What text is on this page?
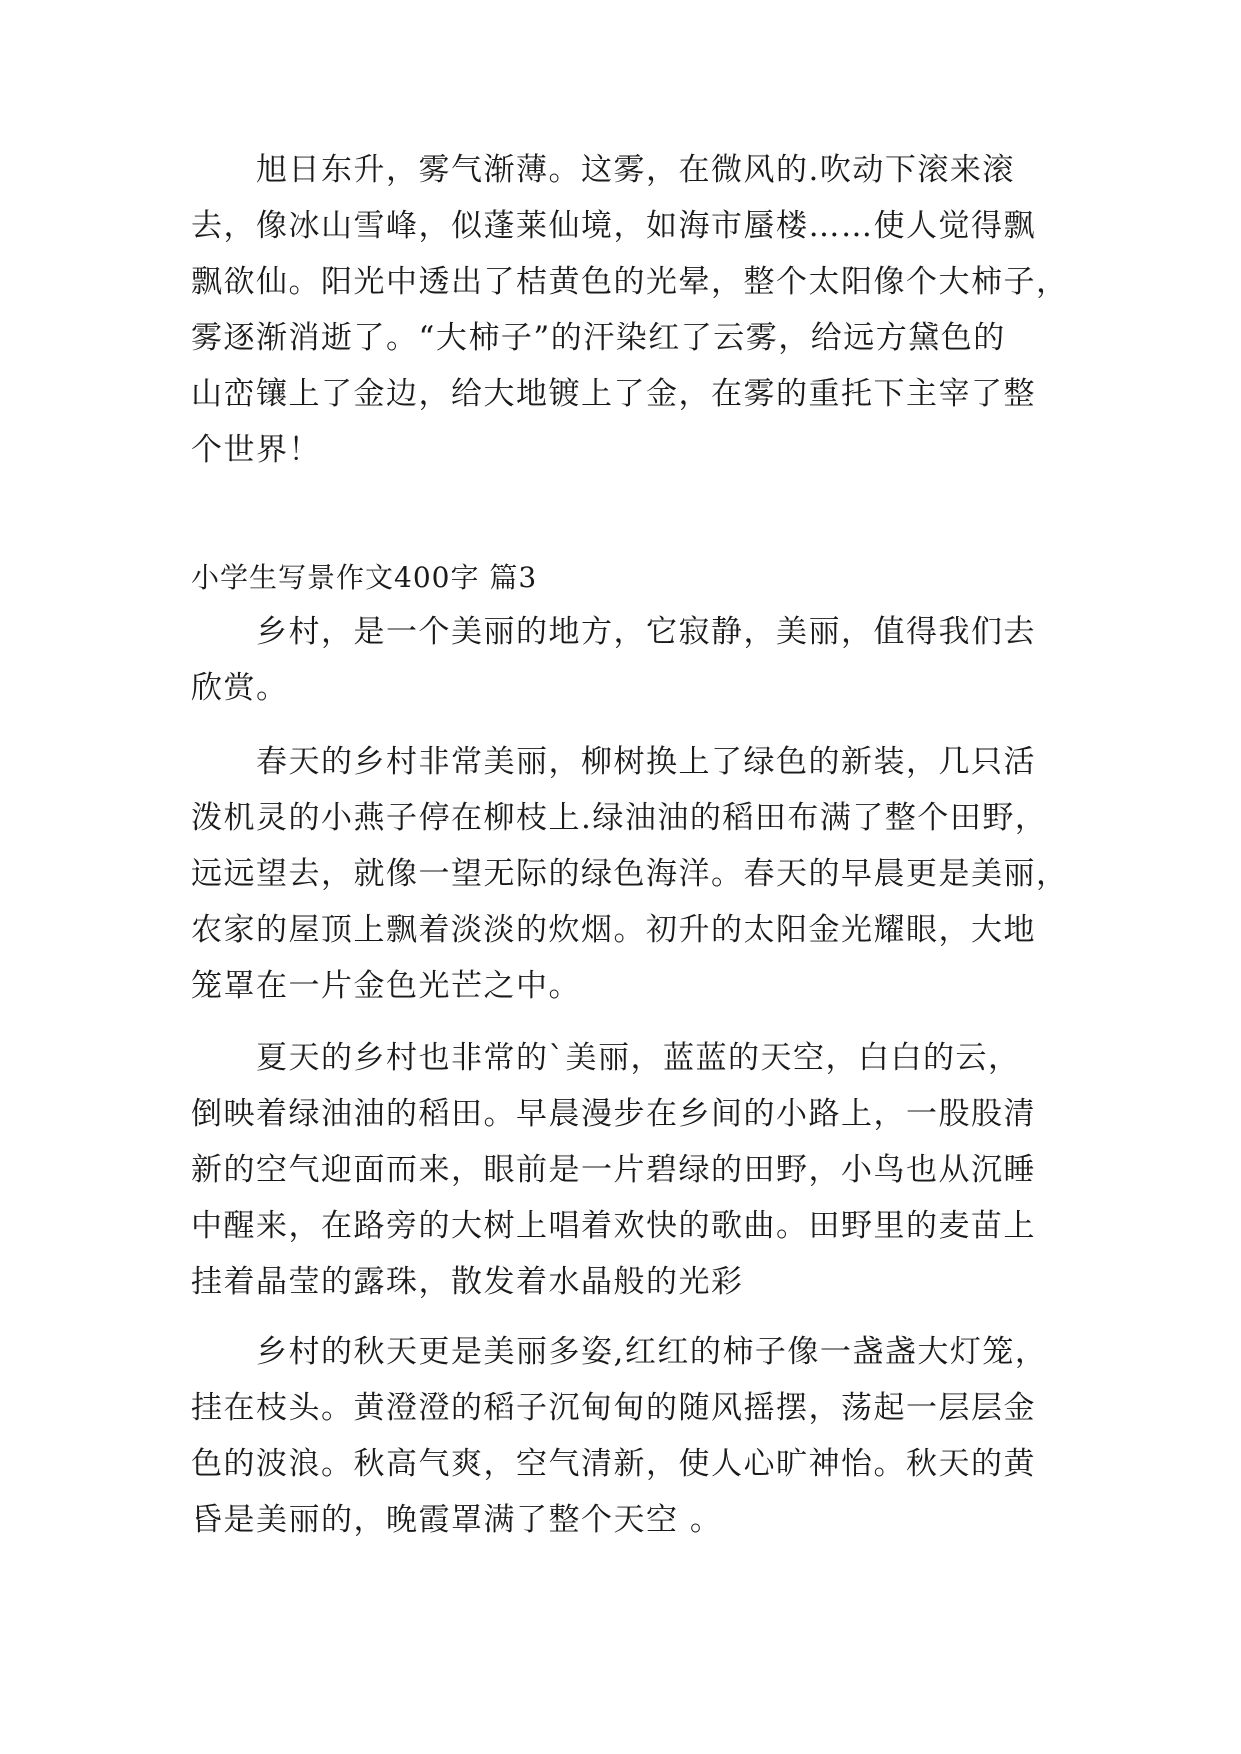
旭日东升，雾气渐薄。这雾，在微风的.吹动下滚来滚
去，像冰山雪峰，似蓬莱仙境，如海市蜃楼……使人觉得飘
飘欲仙。阳光中透出了桔黄色的光晕，整个太阳像个大柿子，
雾逐渐消逝了。“大柿子”的汗染红了云雾，给远方黛色的
山峦镶上了金边，给大地镀上了金，在雾的重托下主宰了整
个世界！
小学生写景作文400字 篇3
乡村，是一个美丽的地方，它寂静，美丽，值得我们去
欣赏。
春天的乡村非常美丽，柳树换上了绿色的新装，几只活
泼机灵的小燕子停在柳枝上.绿油油的稻田布满了整个田野，
远远望去，就像一望无际的绿色海洋。春天的早晨更是美丽，
农家的屋顶上飘着淡淡的炊烟。初升的太阳金光耀眼，大地
笼罩在一片金色光芒之中。
夏天的乡村也非常的`美丽，蓝蓝的天空，白白的云，
倒映着绿油油的稻田。早晨漫步在乡间的小路上，一股股清
新的空气迎面而来，眼前是一片碧绿的田野，小鸟也从沉睡
中醒来，在路旁的大树上唱着欢快的歌曲。田野里的麦苗上
挂着晶莹的露珠，散发着水晶般的光彩
乡村的秋天更是美丽多姿,红红的柿子像一盏盏大灯笼，
挂在枝头。黄澄澄的稻子沉甸甸的随风摇摆，荡起一层层金
色的波浪。秋高气爽，空气清新，使人心旷神怡。秋天的黄
昏是美丽的，晚霞罩满了整个天空 。
